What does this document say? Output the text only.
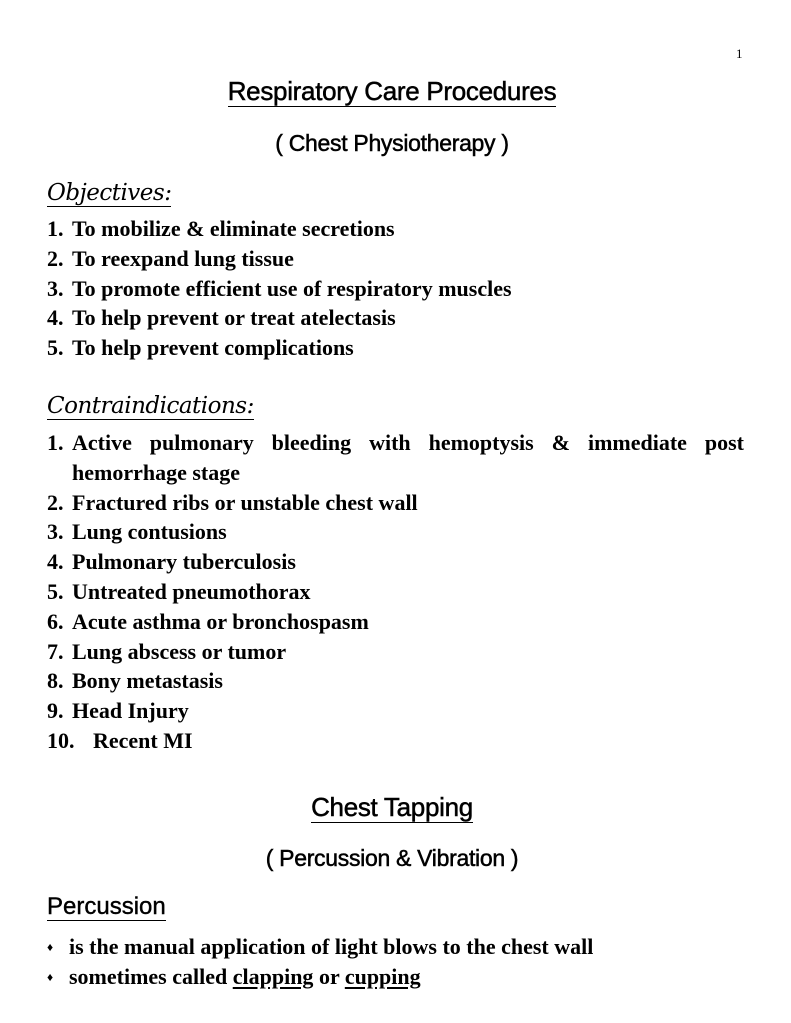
1
Respiratory Care Procedures
( Chest Physiotherapy )
Objectives:
1. To mobilize & eliminate secretions
2. To reexpand lung tissue
3. To promote efficient use of respiratory muscles
4. To help prevent or treat atelectasis
5. To help prevent complications
Contraindications:
1. Active pulmonary bleeding with hemoptysis & immediate post hemorrhage stage
2. Fractured ribs or unstable chest wall
3. Lung contusions
4. Pulmonary tuberculosis
5. Untreated pneumothorax
6. Acute asthma or bronchospasm
7. Lung abscess or tumor
8. Bony metastasis
9. Head Injury
10. Recent MI
Chest Tapping
( Percussion & Vibration )
Percussion
♦ is the manual application of light blows to the chest wall
♦ sometimes called clapping or cupping
